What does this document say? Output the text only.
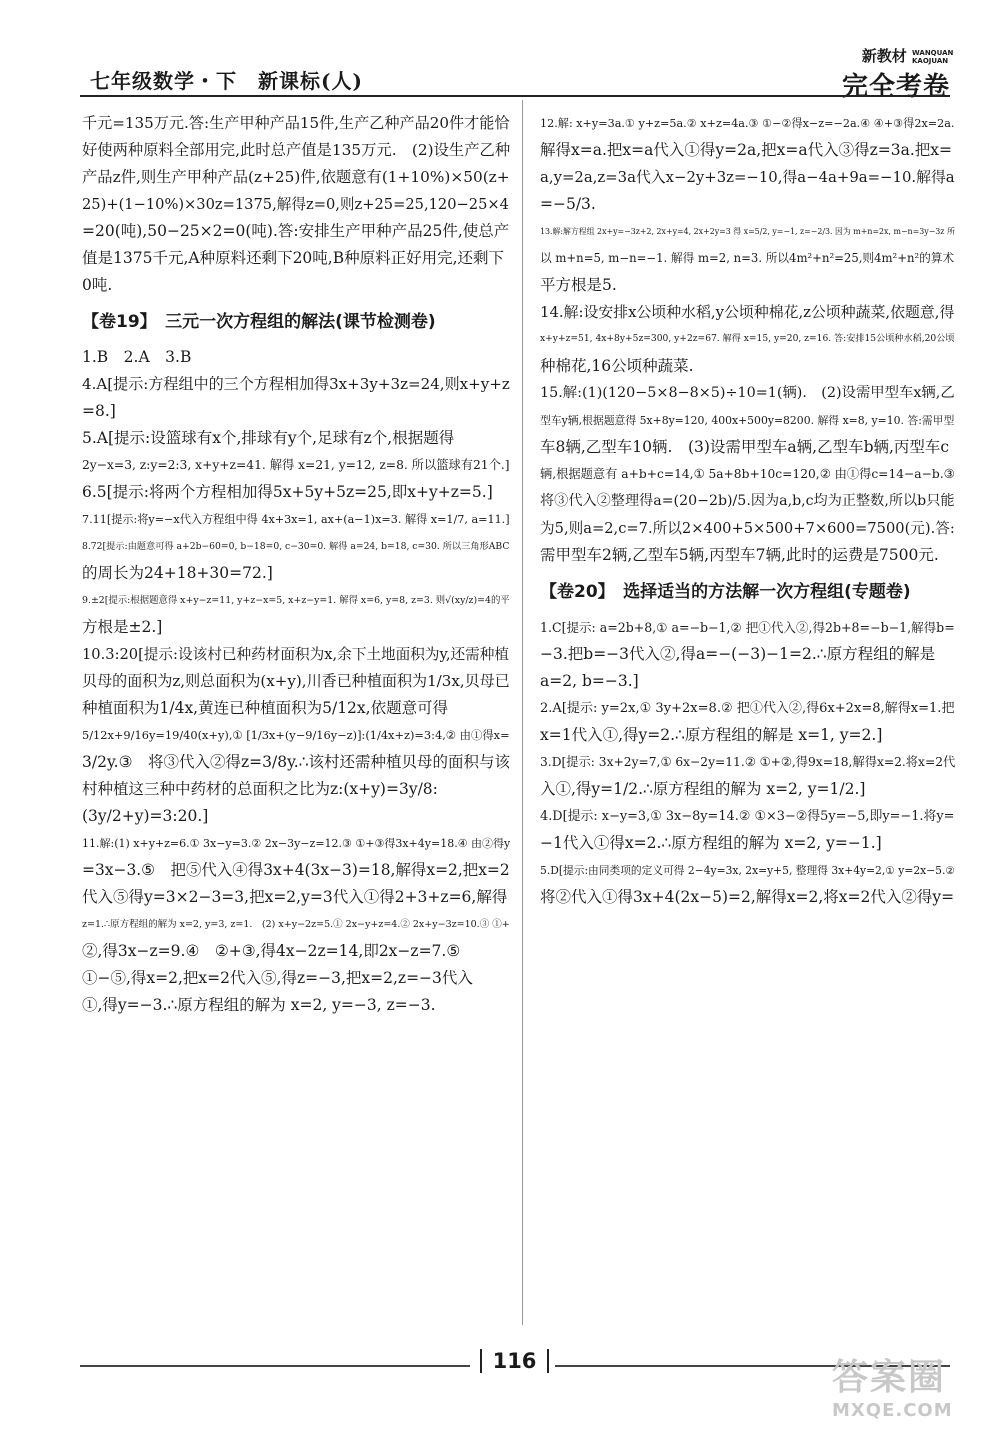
七年级数学・下　新课标(人)
新教材 WANQUAN KAOJUAN
完全考卷
千元=135万元.答:生产甲种产品15件,生产乙种产品20件才能恰
好使两种原料全部用完,此时总产值是135万元.　(2)设生产乙种
产品z件,则生产甲种产品(z+25)件,依题意有(1+10%)×50(z+
25)+(1−10%)×30z=1375,解得z=0,则z+25=25,120−25×4
=20(吨),50−25×2=0(吨).答:安排生产甲种产品25件,使总产
值是1375千元,A种原料还剩下20吨,B种原料正好用完,还剩下
0吨.
【卷19】　三元一次方程组的解法(课节检测卷)
1.B　2.A　3.B
4.A[提示:方程组中的三个方程相加得3x+3y+3z=24,则x+y+z
=8.]
5.A[提示:设篮球有x个,排球有y个,足球有z个,根据题得
2y−x=3, z:y=2:3, x+y+z=41. 解得 x=21, y=12, z=8. 所以篮球有21个.]
6.5[提示:将两个方程相加得5x+5y+5z=25,即x+y+z=5.]
7.11[提示:将y=−x代入方程组中得 4x+3x=1, ax+(a−1)x=3. 解得 x=1/7, a=11.]
8.72[提示:由题意可得 a+2b−60=0, b−18=0, c−30=0. 解得 a=24, b=18, c=30. 所以三角形ABC
的周长为24+18+30=72.]
9.±2[提示:根据题意得 x+y−z=11, y+z−x=5, x+z−y=1. 解得 x=6, y=8, z=3. 则√(xy/z)=4的平
方根是±2.]
10.3:20[提示:设该村已种药材面积为x,余下土地面积为y,还需种植
贝母的面积为z,则总面积为(x+y),川香已种植面积为1/3x,贝母已
种植面积为1/4x,黄连已种植面积为5/12x,依题意可得
5/12x+9/16y=19/40(x+y),① [1/3x+(y−9/16y−z)]:(1/4x+z)=3:4,② 由①得x=
3/2y.③　将③代入②得z=3/8y.∴该村还需种植贝母的面积与该
村种植这三种中药材的总面积之比为z:(x+y)=3y/8:
(3y/2+y)=3:20.]
11.解:(1) x+y+z=6.① 3x−y=3.② 2x−3y−z=12.③ ①+③得3x+4y=18.④ 由②得y
=3x−3.⑤　把⑤代入④得3x+4(3x−3)=18,解得x=2,把x=2
代入⑤得y=3×2−3=3,把x=2,y=3代入①得2+3+z=6,解得
z=1.∴原方程组的解为 x=2, y=3, z=1.　(2) x+y−2z=5.① 2x−y+z=4.② 2x+y−3z=10.③ ①+
②,得3x−z=9.④　②+③,得4x−2z=14,即2x−z=7.⑤
①−⑤,得x=2,把x=2代入⑤,得z=−3,把x=2,z=−3代入
①,得y=−3.∴原方程组的解为 x=2, y=−3, z=−3.
12.解: x+y=3a.① y+z=5a.② x+z=4a.③ ①−②得x−z=−2a.④ ④+③得2x=2a.
解得x=a.把x=a代入①得y=2a,把x=a代入③得z=3a.把x=
a,y=2a,z=3a代入x−2y+3z=−10,得a−4a+9a=−10.解得a
=−5/3.
13.解:解方程组 2x+y=−3z+2, 2x+y=4, 2x+2y=3 得 x=5/2, y=−1, z=−2/3. 因为 m+n=2x, m−n=3y−3z 所
以 m+n=5, m−n=−1. 解得 m=2, n=3. 所以4m²+n²=25,则4m²+n²的算术
平方根是5.
14.解:设安排x公顷种水稻,y公顷种棉花,z公顷种蔬菜,依题意,得
x+y+z=51, 4x+8y+5z=300, y+2z=67. 解得 x=15, y=20, z=16. 答:安排15公顷种水稻,20公顷
种棉花,16公顷种蔬菜.
15.解:(1)(120−5×8−8×5)÷10=1(辆).　(2)设需甲型车x辆,乙
型车y辆,根据题意得 5x+8y=120, 400x+500y=8200. 解得 x=8, y=10. 答:需甲型
车8辆,乙型车10辆.　(3)设需甲型车a辆,乙型车b辆,丙型车c
辆,根据题意有 a+b+c=14,① 5a+8b+10c=120,② 由①得c=14−a−b.③
将③代入②整理得a=(20−2b)/5.因为a,b,c均为正整数,所以b只能
为5,则a=2,c=7.所以2×400+5×500+7×600=7500(元).答:
需甲型车2辆,乙型车5辆,丙型车7辆,此时的运费是7500元.
【卷20】　选择适当的方法解一次方程组(专题卷)
1.C[提示: a=2b+8,① a=−b−1,② 把①代入②,得2b+8=−b−1,解得b=
−3.把b=−3代入②,得a=−(−3)−1=2.∴原方程组的解是
a=2, b=−3.]
2.A[提示: y=2x,① 3y+2x=8.② 把①代入②,得6x+2x=8,解得x=1.把
x=1代入①,得y=2.∴原方程组的解是 x=1, y=2.]
3.D[提示: 3x+2y=7,① 6x−2y=11.② ①+②,得9x=18,解得x=2.将x=2代
入①,得y=1/2.∴原方程组的解为 x=2, y=1/2.]
4.D[提示: x−y=3,① 3x−8y=14.② ①×3−②得5y=−5,即y=−1.将y=
−1代入①得x=2.∴原方程组的解为 x=2, y=−1.]
5.D[提示:由同类项的定义可得 2−4y=3x, 2x=y+5, 整理得 3x+4y=2,① y=2x−5.②
将②代入①得3x+4(2x−5)=2,解得x=2,将x=2代入②得y=
116	答案圈
MXQE.COM
